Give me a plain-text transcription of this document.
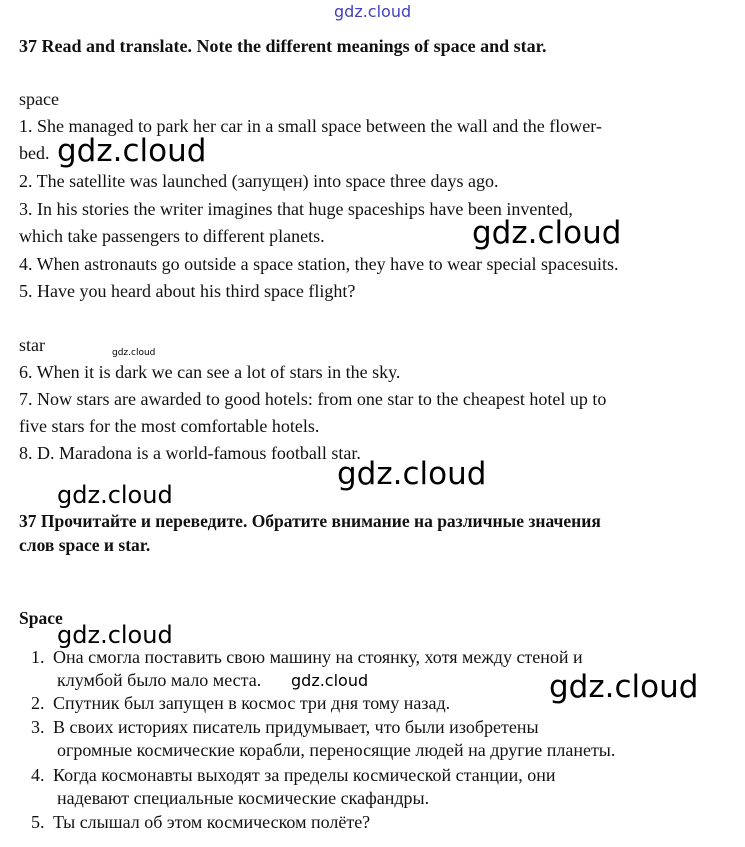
gdz.cloud
37 Read and translate. Note the different meanings of space and star.
space
1. She managed to park her car in a small space between the wall and the flower-
bed.
2. The satellite was launched (запущен) into space three days ago.
3. In his stories the writer imagines that huge spaceships have been invented,
which take passengers to different planets.
4. When astronauts go outside a space station, they have to wear special spacesuits.
5. Have you heard about his third space flight?
star
6. When it is dark we can see a lot of stars in the sky.
7. Now stars are awarded to good hotels: from one star to the cheapest hotel up to
five stars for the most comfortable hotels.
8. D. Maradona is a world-famous football star.
37 Прочитайте и переведите. Обратите внимание на различные значения
слов space и star.
Space
1. Она смогла поставить свою машину на стоянку, хотя между стеной и
клумбой было мало места.
2. Спутник был запущен в космос три дня тому назад.
3. В своих историях писатель придумывает, что были изобретены
огромные космические корабли, переносящие людей на другие планеты.
4. Когда космонавты выходят за пределы космической станции, они
надевают специальные космические скафандры.
5. Ты слышал об этом космическом полёте?
gdz.cloud
gdz.cloud
gdz.cloud
gdz.cloud
gdz.cloud
gdz.cloud
gdz.cloud	gdz.cloud
